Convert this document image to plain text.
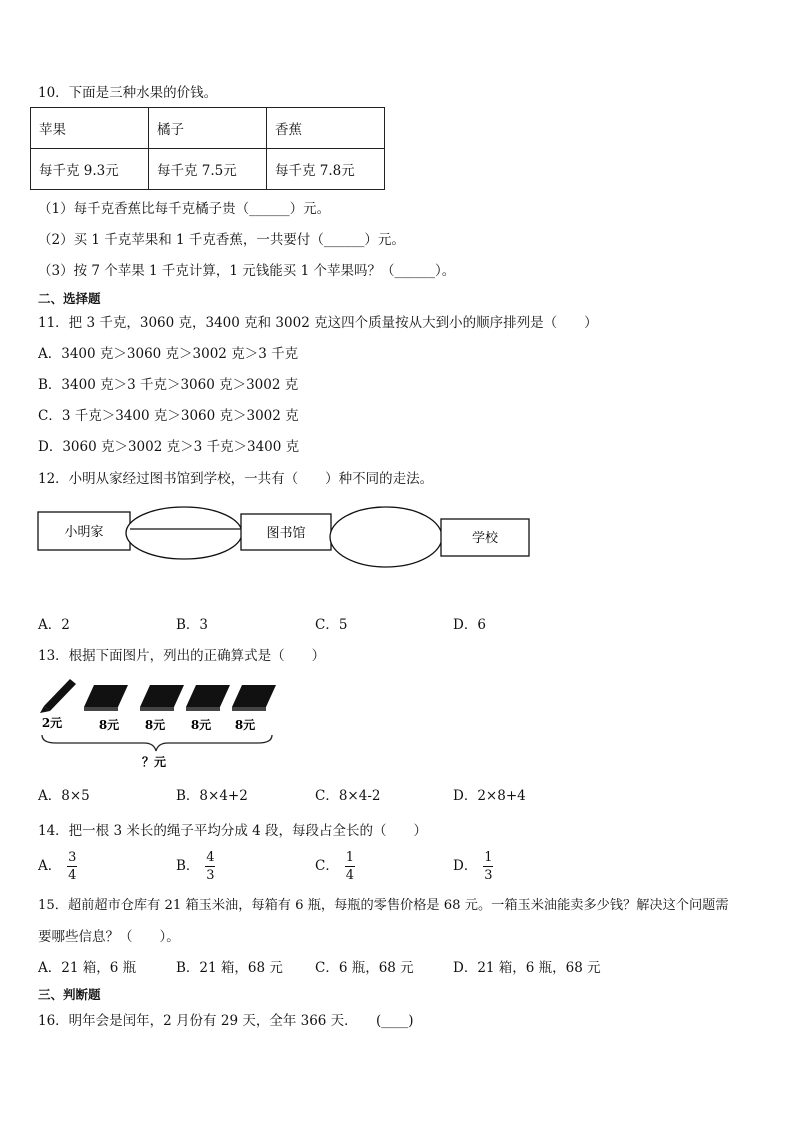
10．下面是三种水果的价钱。
苹果	橘子	香蕉
每千克 9.3元	每千克 7.5元	每千克 7.8元
（1）每千克香蕉比每千克橘子贵（______）元。
（2）买 1 千克苹果和 1 千克香蕉，一共要付（______）元。
（3）按 7 个苹果 1 千克计算，1 元钱能买 1 个苹果吗？（______）。
二、选择题
11．把 3 千克，3060 克，3400 克和 3002 克这四个质量按从大到小的顺序排列是（　　）
A．3400 克＞3060 克＞3002 克＞3 千克
B．3400 克＞3 千克＞3060 克＞3002 克
C．3 千克＞3400 克＞3060 克＞3002 克
D．3060 克＞3002 克＞3 千克＞3400 克
12．小明从家经过图书馆到学校，一共有（　　）种不同的走法。
小明家	图书馆	学校
A．2	B．3	C．5	D．6
13．根据下面图片，列出的正确算式是（　　）
2元	8元 8元 8元 8元
？元
A．8×5	B．8×4+2	C．8×4-2	D．2×8+4
14．把一根 3 米长的绳子平均分成 4 段，每段占全长的（　　）
A． $\frac{3}{4}$	B． $\frac{4}{3}$	C． $\frac{1}{4}$	D． $\frac{1}{3}$
15．超前超市仓库有 21 箱玉米油，每箱有 6 瓶，每瓶的零售价格是 68 元。一箱玉米油能卖多少钱？解决这个问题需
要哪些信息？（　　）。
A．21 箱，6 瓶	B．21 箱，68 元 C．6 瓶，68 元	D．21 箱，6 瓶，68 元
三、判断题
16．明年会是闰年，2 月份有 29 天，全年 366 天． (____)
